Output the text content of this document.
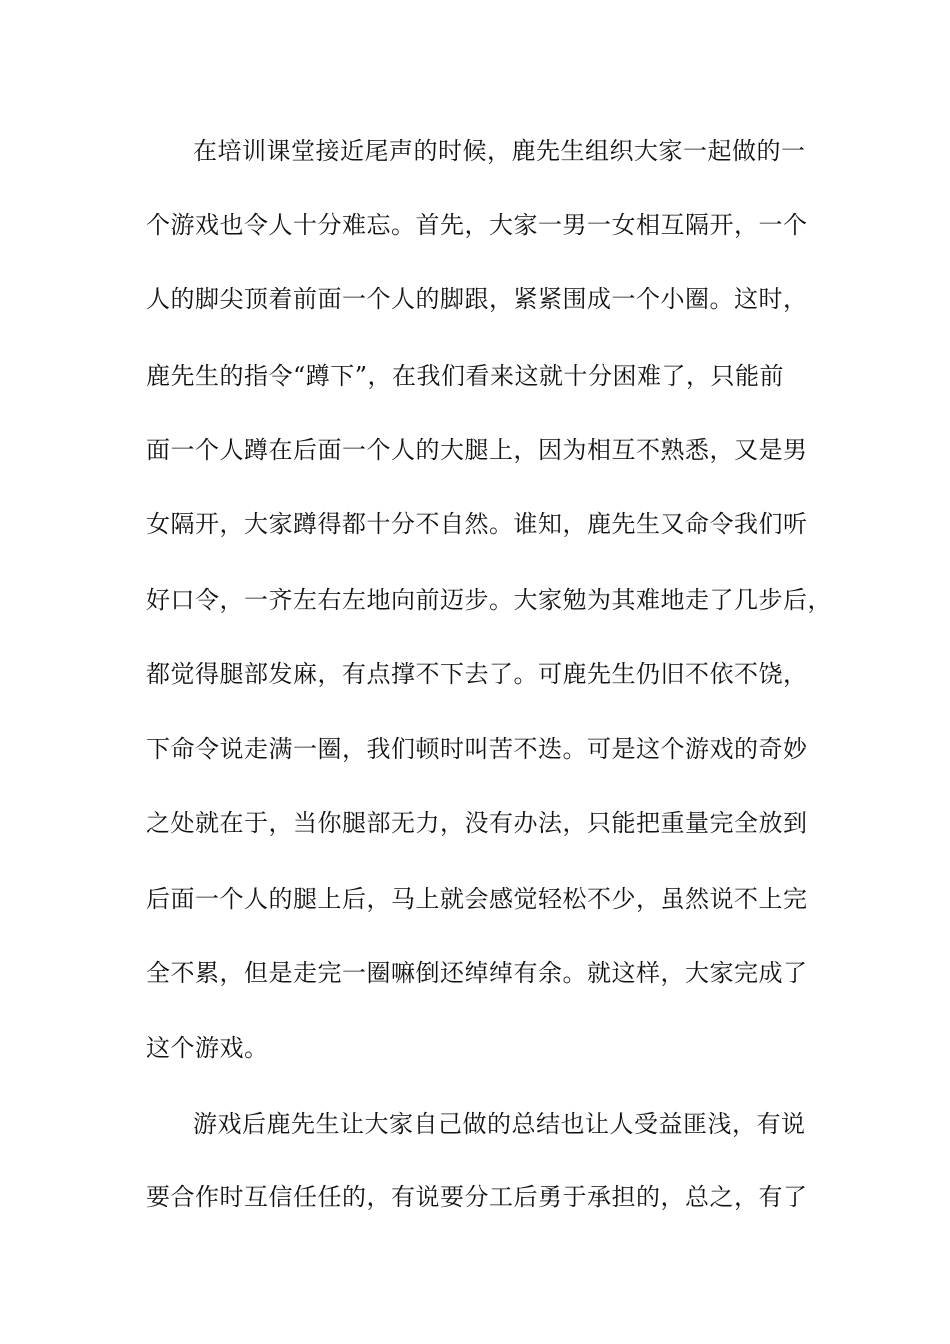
在培训课堂接近尾声的时候，鹿先生组织大家一起做的一
个游戏也令人十分难忘。首先，大家一男一女相互隔开，一个
人的脚尖顶着前面一个人的脚跟，紧紧围成一个小圈。这时，
鹿先生的指令“蹲下”，在我们看来这就十分困难了，只能前
面一个人蹲在后面一个人的大腿上，因为相互不熟悉，又是男
女隔开，大家蹲得都十分不自然。谁知，鹿先生又命令我们听
好口令，一齐左右左地向前迈步。大家勉为其难地走了几步后，
都觉得腿部发麻，有点撑不下去了。可鹿先生仍旧不依不饶，
下命令说走满一圈，我们顿时叫苦不迭。可是这个游戏的奇妙
之处就在于，当你腿部无力，没有办法，只能把重量完全放到
后面一个人的腿上后，马上就会感觉轻松不少，虽然说不上完
全不累，但是走完一圈嘛倒还绰绰有余。就这样，大家完成了
这个游戏。
游戏后鹿先生让大家自己做的总结也让人受益匪浅，有说
要合作时互信任任的，有说要分工后勇于承担的，总之，有了
